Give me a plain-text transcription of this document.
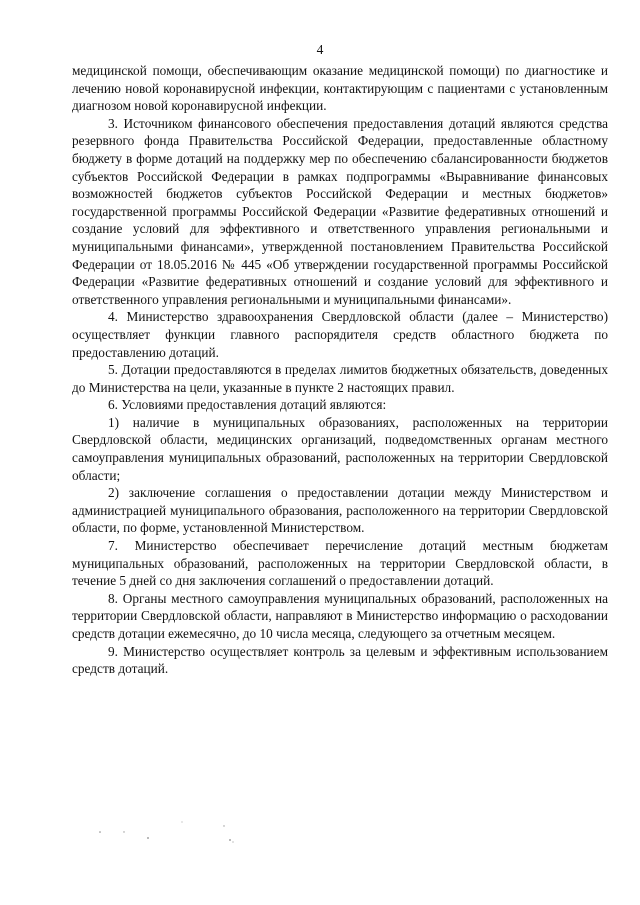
4

медицинской помощи, обеспечивающим оказание медицинской помощи) по диагностике и лечению новой коронавирусной инфекции, контактирующим с пациентами с установленным диагнозом новой коронавирусной инфекции.

3. Источником финансового обеспечения предоставления дотаций являются средства резервного фонда Правительства Российской Федерации, предоставленные областному бюджету в форме дотаций на поддержку мер по обеспечению сбалансированности бюджетов субъектов Российской Федерации в рамках подпрограммы «Выравнивание финансовых возможностей бюджетов субъектов Российской Федерации и местных бюджетов» государственной программы Российской Федерации «Развитие федеративных отношений и создание условий для эффективного и ответственного управления региональными и муниципальными финансами», утвержденной постановлением Правительства Российской Федерации от 18.05.2016 № 445 «Об утверждении государственной программы Российской Федерации «Развитие федеративных отношений и создание условий для эффективного и ответственного управления региональными и муниципальными финансами».

4. Министерство здравоохранения Свердловской области (далее – Министерство) осуществляет функции главного распорядителя средств областного бюджета по предоставлению дотаций.

5. Дотации предоставляются в пределах лимитов бюджетных обязательств, доведенных до Министерства на цели, указанные в пункте 2 настоящих правил.

6. Условиями предоставления дотаций являются:

1) наличие в муниципальных образованиях, расположенных на территории Свердловской области, медицинских организаций, подведомственных органам местного самоуправления муниципальных образований, расположенных на территории Свердловской области;

2) заключение соглашения о предоставлении дотации между Министерством и администрацией муниципального образования, расположенного на территории Свердловской области, по форме, установленной Министерством.

7. Министерство обеспечивает перечисление дотаций местным бюджетам муниципальных образований, расположенных на территории Свердловской области, в течение 5 дней со дня заключения соглашений о предоставлении дотаций.

8. Органы местного самоуправления муниципальных образований, расположенных на территории Свердловской области, направляют в Министерство информацию о расходовании средств дотации ежемесячно, до 10 числа месяца, следующего за отчетным месяцем.

9. Министерство осуществляет контроль за целевым и эффективным использованием средств дотаций.
